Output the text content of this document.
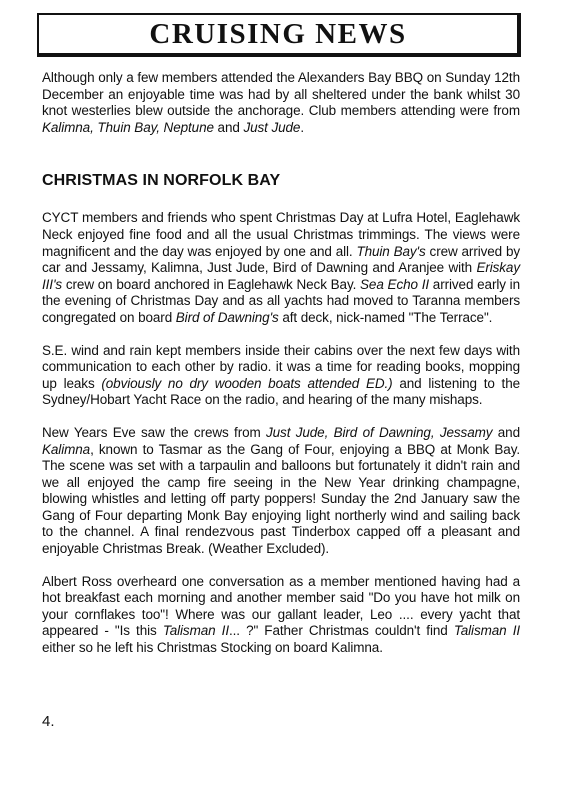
CRUISING NEWS

Although only a few members attended the Alexanders Bay BBQ on Sunday 12th December an enjoyable time was had by all sheltered under the bank whilst 30 knot westerlies blew outside the anchorage. Club members attending were from Kalimna, Thuin Bay, Neptune and Just Jude.

CHRISTMAS IN NORFOLK BAY

CYCT members and friends who spent Christmas Day at Lufra Hotel, Eaglehawk Neck enjoyed fine food and all the usual Christmas trimmings. The views were magnificent and the day was enjoyed by one and all. Thuin Bay's crew arrived by car and Jessamy, Kalimna, Just Jude, Bird of Dawning and Aranjee with Eriskay III's crew on board anchored in Eaglehawk Neck Bay. Sea Echo II arrived early in the evening of Christmas Day and as all yachts had moved to Taranna members congregated on board Bird of Dawning's aft deck, nick-named "The Terrace".

S.E. wind and rain kept members inside their cabins over the next few days with communication to each other by radio. it was a time for reading books, mopping up leaks (obviously no dry wooden boats attended ED.) and listening to the Sydney/Hobart Yacht Race on the radio, and hearing of the many mishaps.

New Years Eve saw the crews from Just Jude, Bird of Dawning, Jessamy and Kalimna, known to Tasmar as the Gang of Four, enjoying a BBQ at Monk Bay. The scene was set with a tarpaulin and balloons but fortunately it didn't rain and we all enjoyed the camp fire seeing in the New Year drinking champagne, blowing whistles and letting off party poppers! Sunday the 2nd January saw the Gang of Four departing Monk Bay enjoying light northerly wind and sailing back to the channel. A final rendezvous past Tinderbox capped off a pleasant and enjoyable Christmas Break. (Weather Excluded).

Albert Ross overheard one conversation as a member mentioned having had a hot breakfast each morning and another member said "Do you have hot milk on your cornflakes too"! Where was our gallant leader, Leo .... every yacht that appeared - "Is this Talisman II... ?" Father Christmas couldn't find Talisman II either so he left his Christmas Stocking on board Kalimna.

4.
